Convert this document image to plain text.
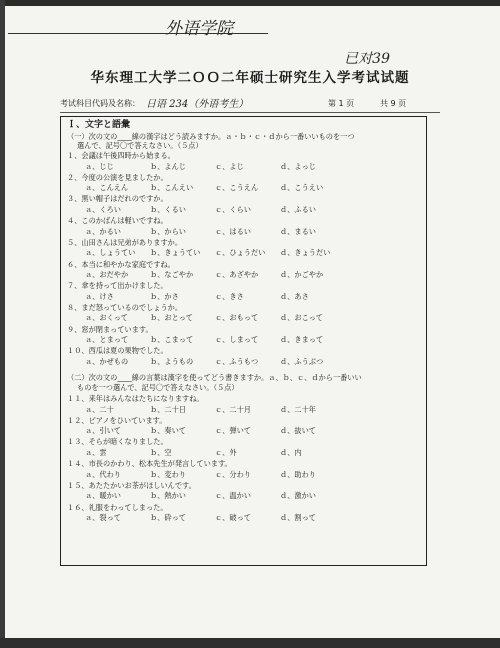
外语学院
已对39
华东理工大学二ＯＯ二年硕士研究生入学考试试题
考试科目代码及名称： 日语 234（外语考生）	第 1 页	共 9 页
Ｉ、文字と語彙
（一）次の文の____線の漢字はどう読みますか。ａ・ｂ・ｃ・ｄから一番いいものを一つ
選んで、記号〇で答えなさい。（５点）
１、会議は午後四時から始まる。
ａ、じじ	ｂ、よんじ	ｃ、よじ	ｄ、よっじ
２、今度の公演を見ましたか。
ａ、こんえん	ｂ、こんえい	ｃ、こうえん	ｄ、こうえい
３、黒い帽子はだれのですか。
ａ、くろい	ｂ、くるい	ｃ、くらい	ｄ、ふるい
４、このかばんは軽いですね。
ａ、かるい	ｂ、からい	ｃ、はるい	ｄ、まるい
５、山田さんは兄弟がありますか。
ａ、しょうてい ｂ、きょうてい ｃ、ひょうだい ｄ、きょうだい
６、本当に和やかな家庭ですね。
ａ、おだやか	ｂ、なごやか	ｃ、あざやか	ｄ、かごやか
７、傘を持って出かけました。
ａ、けさ	ｂ、かさ	ｃ、きさ	ｄ、あさ
８、まだ怒っているのでしょうか。
ａ、おくって	ｂ、おとって	ｃ、おもって	ｄ、おこって
９、窓が閉まっています。
ａ、とまって	ｂ、こまって	ｃ、しまって	ｄ、きまって
１０、西瓜は夏の果物でした。
ａ、かぜもの	ｂ、ようもの	ｃ、ふうもつ	ｄ、ふうぶつ
（二）次の文の____線の言葉は漢字を使ってどう書きますか。ａ、ｂ、ｃ、ｄから一番いい
ものを一つ選んで、記号〇で答えなさい。（５点）
１１、来年はみんなはたちになりますね。
ａ、二十	ｂ、二十日	ｃ、二十月	ｄ、二十年
１２、ピアノをひいています。
ａ、引いて	ｂ、奏いて	ｃ、弾いて	ｄ、抜いて
１３、そらが暗くなりました。
ａ、雲	ｂ、空	ｃ、外	ｄ、内
１４、市長のかわり、松本先生が発言しています。
ａ、代わり	ｂ、変わり	ｃ、分わり	ｄ、助わり
１５、あたたかいお茶がほしいんです。
ａ、暖かい	ｂ、熱かい	ｃ、温かい	ｄ、激かい
１６、礼服をわってしまった。
ａ、裂って	ｂ、砕って	ｃ、破って	ｄ、割って
